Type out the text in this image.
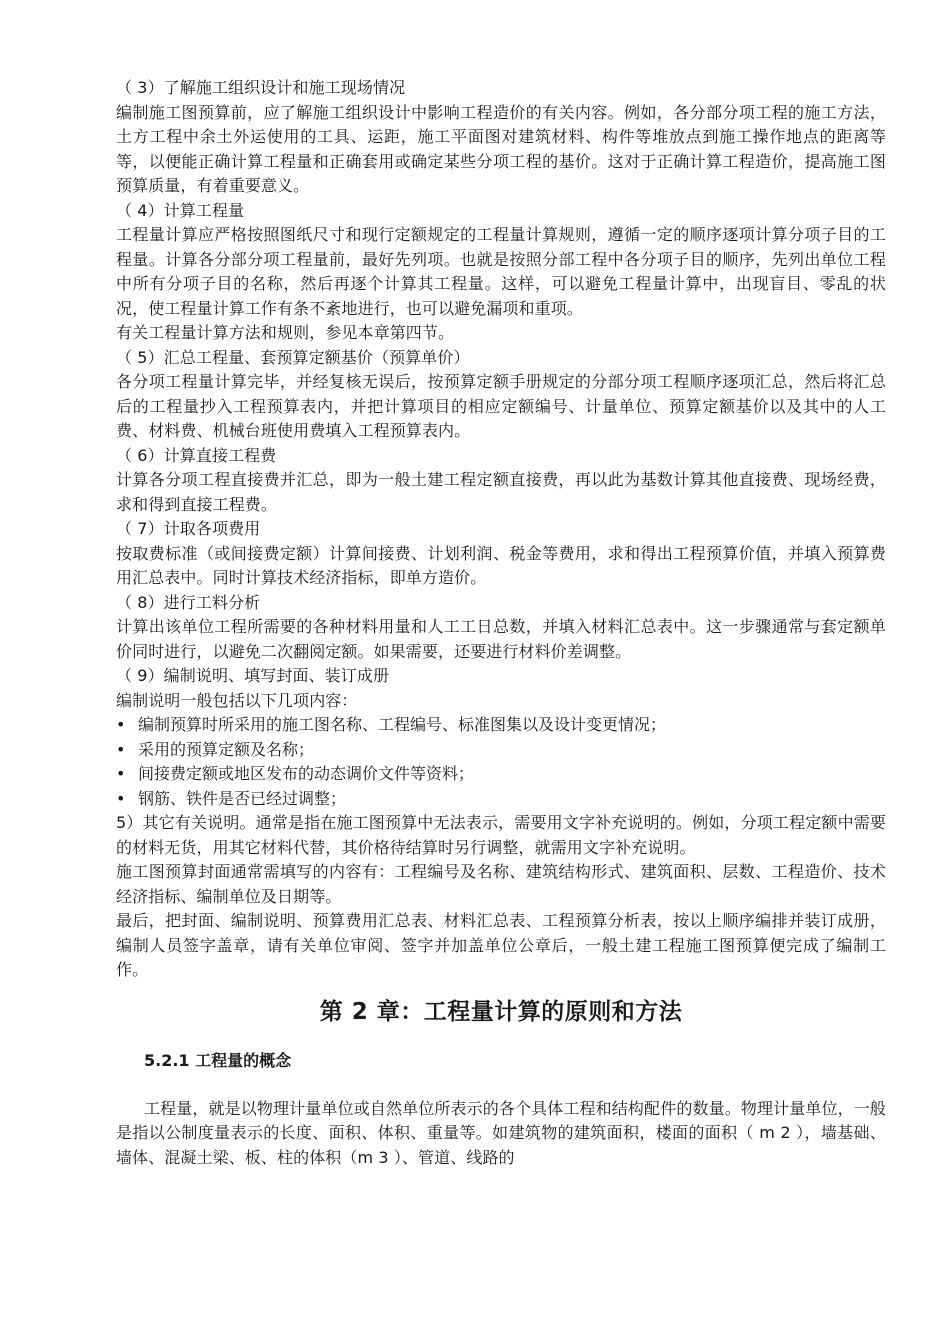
（ 3）了解施工组织设计和施工现场情况

编制施工图预算前，应了解施工组织设计中影响工程造价的有关内容。例如，各分部分项工程的施工方法，土方工程中余土外运使用的工具、运距，施工平面图对建筑材料、构件等堆放点到施工操作地点的距离等等，以便能正确计算工程量和正确套用或确定某些分项工程的基价。这对于正确计算工程造价，提高施工图预算质量，有着重要意义。

（ 4）计算工程量

工程量计算应严格按照图纸尺寸和现行定额规定的工程量计算规则，遵循一定的顺序逐项计算分项子目的工程量。计算各分部分项工程量前，最好先列项。也就是按照分部工程中各分项子目的顺序，先列出单位工程中所有分项子目的名称，然后再逐个计算其工程量。这样，可以避免工程量计算中，出现盲目、零乱的状况，使工程量计算工作有条不紊地进行，也可以避免漏项和重项。

有关工程量计算方法和规则，参见本章第四节。

（ 5）汇总工程量、套预算定额基价（预算单价）

各分项工程量计算完毕，并经复核无误后，按预算定额手册规定的分部分项工程顺序逐项汇总，然后将汇总后的工程量抄入工程预算表内，并把计算项目的相应定额编号、计量单位、预算定额基价以及其中的人工费、材料费、机械台班使用费填入工程预算表内。

（ 6）计算直接工程费

计算各分项工程直接费并汇总，即为一般土建工程定额直接费，再以此为基数计算其他直接费、现场经费，求和得到直接工程费。

（ 7）计取各项费用

按取费标准（或间接费定额）计算间接费、计划利润、税金等费用，求和得出工程预算价值，并填入预算费用汇总表中。同时计算技术经济指标，即单方造价。

（ 8）进行工料分析

计算出该单位工程所需要的各种材料用量和人工工日总数，并填入材料汇总表中。这一步骤通常与套定额单价同时进行，以避免二次翻阅定额。如果需要，还要进行材料价差调整。

（ 9）编制说明、填写封面、装订成册

编制说明一般包括以下几项内容：

• 编制预算时所采用的施工图名称、工程编号、标准图集以及设计变更情况；
• 采用的预算定额及名称；
• 间接费定额或地区发布的动态调价文件等资料；
• 钢筋、铁件是否已经过调整；

5）其它有关说明。通常是指在施工图预算中无法表示，需要用文字补充说明的。例如，分项工程定额中需要的材料无货，用其它材料代替，其价格待结算时另行调整，就需用文字补充说明。

施工图预算封面通常需填写的内容有：工程编号及名称、建筑结构形式、建筑面积、层数、工程造价、技术经济指标、编制单位及日期等。

最后，把封面、编制说明、预算费用汇总表、材料汇总表、工程预算分析表，按以上顺序编排并装订成册，编制人员签字盖章，请有关单位审阅、签字并加盖单位公章后，一般土建工程施工图预算便完成了编制工作。

第 2 章：工程量计算的原则和方法
5.2.1 工程量的概念

工程量，就是以物理计量单位或自然单位所表示的各个具体工程和结构配件的数量。物理计量单位，一般是指以公制度量表示的长度、面积、体积、重量等。如建筑物的建筑面积，楼面的面积（ m 2 ），墙基础、墙体、混凝土梁、板、柱的体积（m 3 ）、管道、线路的
